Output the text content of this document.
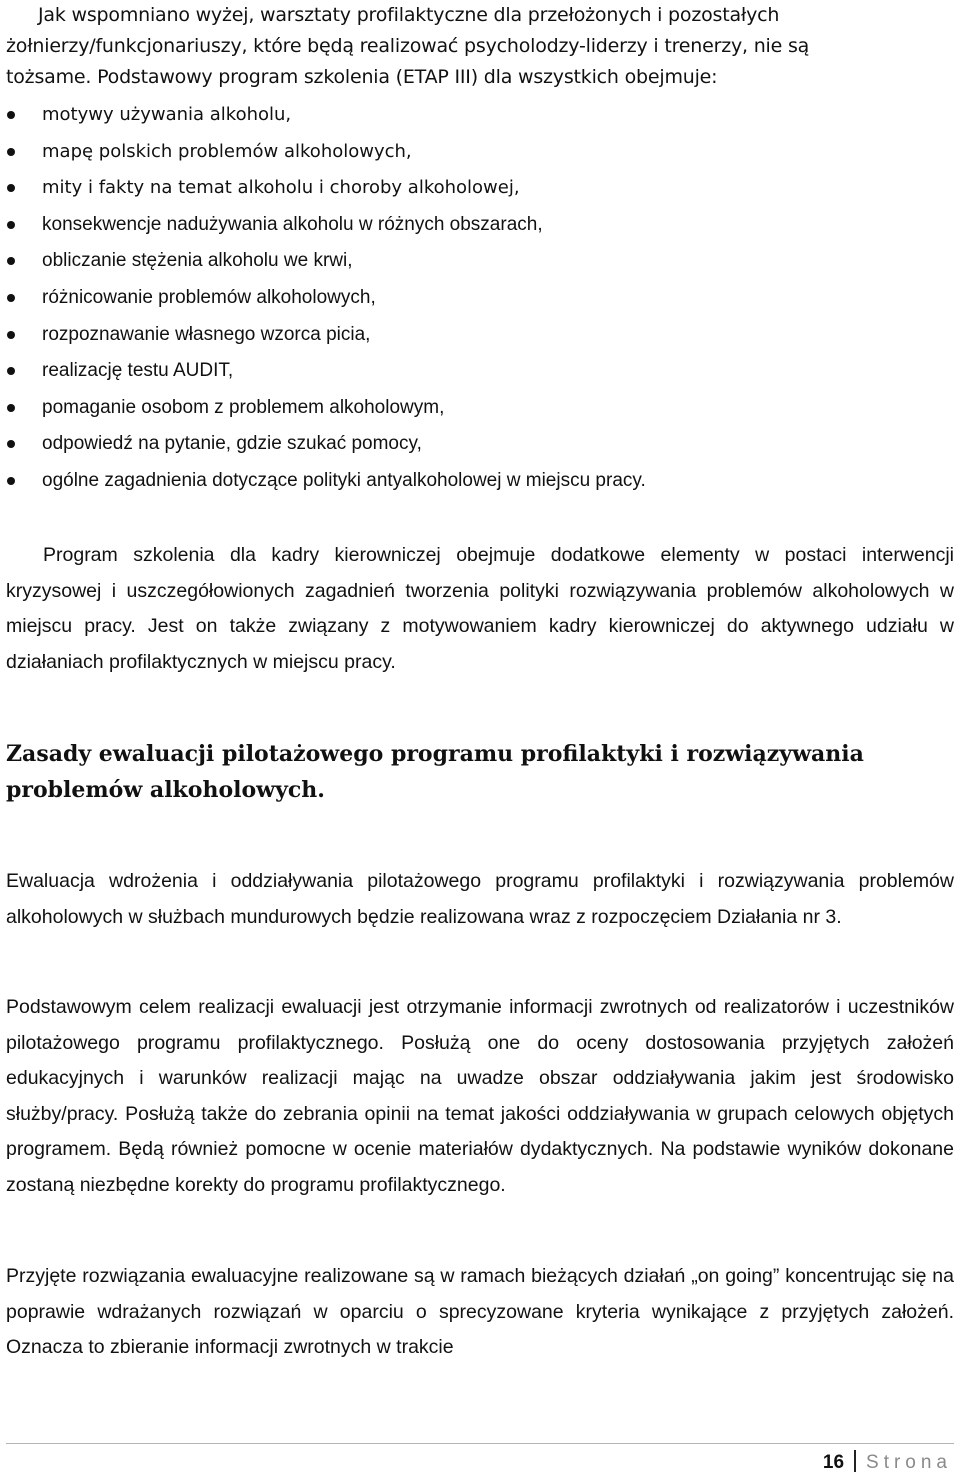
Jak wspomniano wyżej, warsztaty profilaktyczne dla przełożonych i pozostałych
żołnierzy/funkcjonariuszy, które będą realizować psycholodzy-liderzy i trenerzy, nie są
tożsame. Podstawowy program szkolenia (ETAP III) dla wszystkich obejmuje:
motywy używania alkoholu,
mapę polskich problemów alkoholowych,
mity i fakty na temat alkoholu i choroby alkoholowej,
konsekwencje nadużywania alkoholu w różnych obszarach,
obliczanie stężenia alkoholu we krwi,
różnicowanie problemów alkoholowych,
rozpoznawanie własnego wzorca picia,
realizację testu AUDIT,
pomaganie osobom z problemem alkoholowym,
odpowiedź na pytanie, gdzie szukać pomocy,
ogólne zagadnienia dotyczące polityki antyalkoholowej w miejscu pracy.

Program szkolenia dla kadry kierowniczej obejmuje dodatkowe elementy w postaci interwencji kryzysowej i uszczegółowionych zagadnień tworzenia polityki rozwiązywania problemów alkoholowych w miejscu pracy. Jest on także związany z motywowaniem kadry kierowniczej do aktywnego udziału w działaniach profilaktycznych w miejscu pracy.

Zasady ewaluacji pilotażowego programu profilaktyki i rozwiązywania problemów alkoholowych.

Ewaluacja wdrożenia i oddziaływania pilotażowego programu profilaktyki i rozwiązywania problemów alkoholowych w służbach mundurowych będzie realizowana wraz z rozpoczęciem Działania nr 3.

Podstawowym celem realizacji ewaluacji jest otrzymanie informacji zwrotnych od realizatorów i uczestników pilotażowego programu profilaktycznego. Posłużą one do oceny dostosowania przyjętych założeń edukacyjnych i warunków realizacji mając na uwadze obszar oddziaływania jakim jest środowisko służby/pracy. Posłużą także do zebrania opinii na temat jakości oddziaływania w grupach celowych objętych programem. Będą również pomocne w ocenie materiałów dydaktycznych. Na podstawie wyników dokonane zostaną niezbędne korekty do programu profilaktycznego.

Przyjęte rozwiązania ewaluacyjne realizowane są w ramach bieżących działań „on going” koncentrując się na poprawie wdrażanych rozwiązań w oparciu o sprecyzowane kryteria wynikające z przyjętych założeń. Oznacza to zbieranie informacji zwrotnych w trakcie

16 Strona
